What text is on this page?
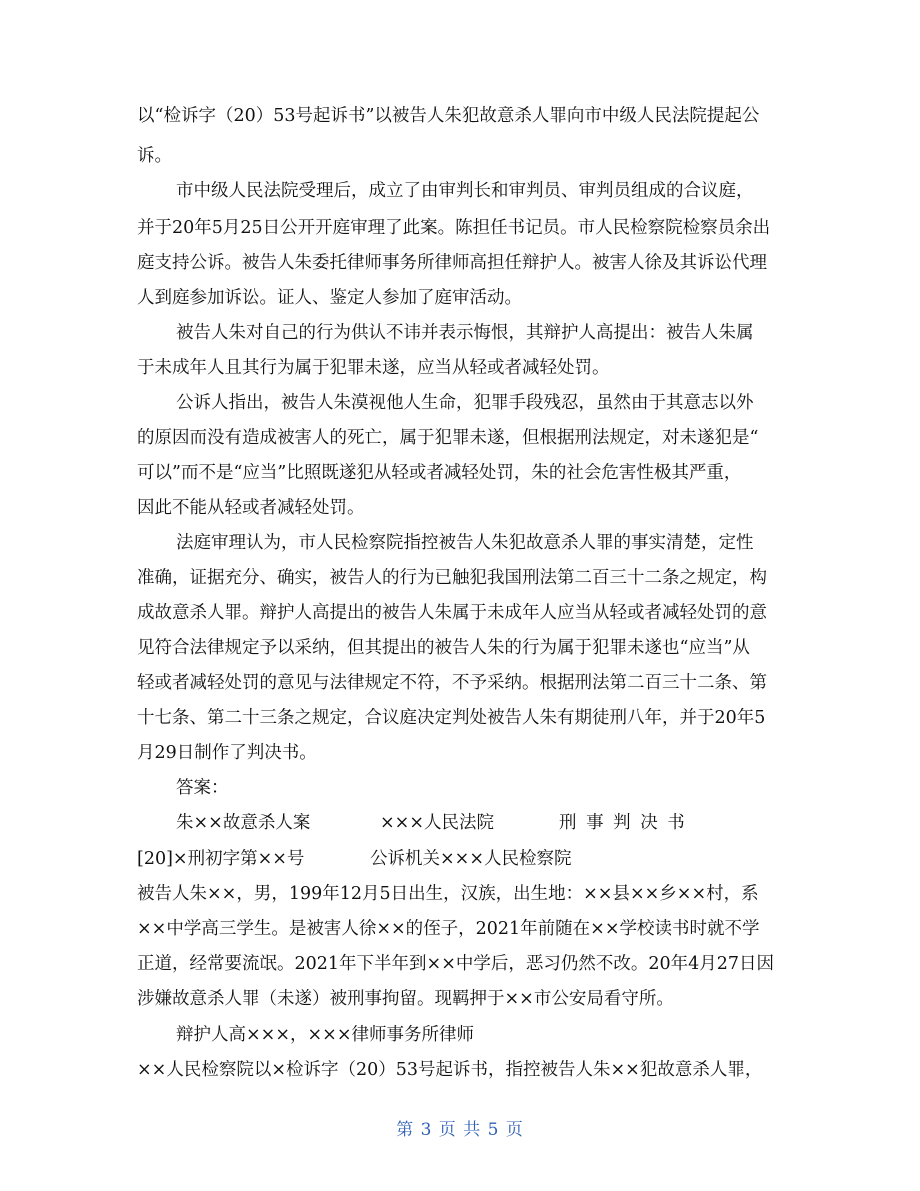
以“检诉字（20）53号起诉书”以被告人朱犯故意杀人罪向市中级人民法院提起公
诉。
市中级人民法院受理后，成立了由审判长和审判员、审判员组成的合议庭，
并于20年5月25日公开开庭审理了此案。陈担任书记员。市人民检察院检察员余出
庭支持公诉。被告人朱委托律师事务所律师高担任辩护人。被害人徐及其诉讼代理
人到庭参加诉讼。证人、鉴定人参加了庭审活动。
被告人朱对自己的行为供认不讳并表示悔恨，其辩护人高提出：被告人朱属
于未成年人且其行为属于犯罪未遂，应当从轻或者减轻处罚。
公诉人指出，被告人朱漠视他人生命，犯罪手段残忍，虽然由于其意志以外
的原因而没有造成被害人的死亡，属于犯罪未遂，但根据刑法规定，对未遂犯是“
可以”而不是“应当”比照既遂犯从轻或者减轻处罚，朱的社会危害性极其严重，
因此不能从轻或者减轻处罚。
法庭审理认为，市人民检察院指控被告人朱犯故意杀人罪的事实清楚，定性
准确，证据充分、确实，被告人的行为已触犯我国刑法第二百三十二条之规定，构
成故意杀人罪。辩护人高提出的被告人朱属于未成年人应当从轻或者减轻处罚的意
见符合法律规定予以采纳，但其提出的被告人朱的行为属于犯罪未遂也“应当”从
轻或者减轻处罚的意见与法律规定不符，不予采纳。根据刑法第二百三十二条、第
十七条、第二十三条之规定，合议庭决定判处被告人朱有期徒刑八年，并于20年5
月29日制作了判决书。
答案：
朱××故意杀人案	×××人民法院	刑 事 判 决 书
[20]×刑初字第××号	公诉机关×××人民检察院
被告人朱××，男，199年12月5日出生，汉族，出生地：××县××乡××村，系
××中学高三学生。是被害人徐××的侄子，2021年前随在××学校读书时就不学
正道，经常要流氓。2021年下半年到××中学后，恶习仍然不改。20年4月27日因
涉嫌故意杀人罪（未遂）被刑事拘留。现羁押于××市公安局看守所。
辩护人高×××，×××律师事务所律师
××人民检察院以×检诉字（20）53号起诉书，指控被告人朱××犯故意杀人罪，
第 3 页 共 5 页
